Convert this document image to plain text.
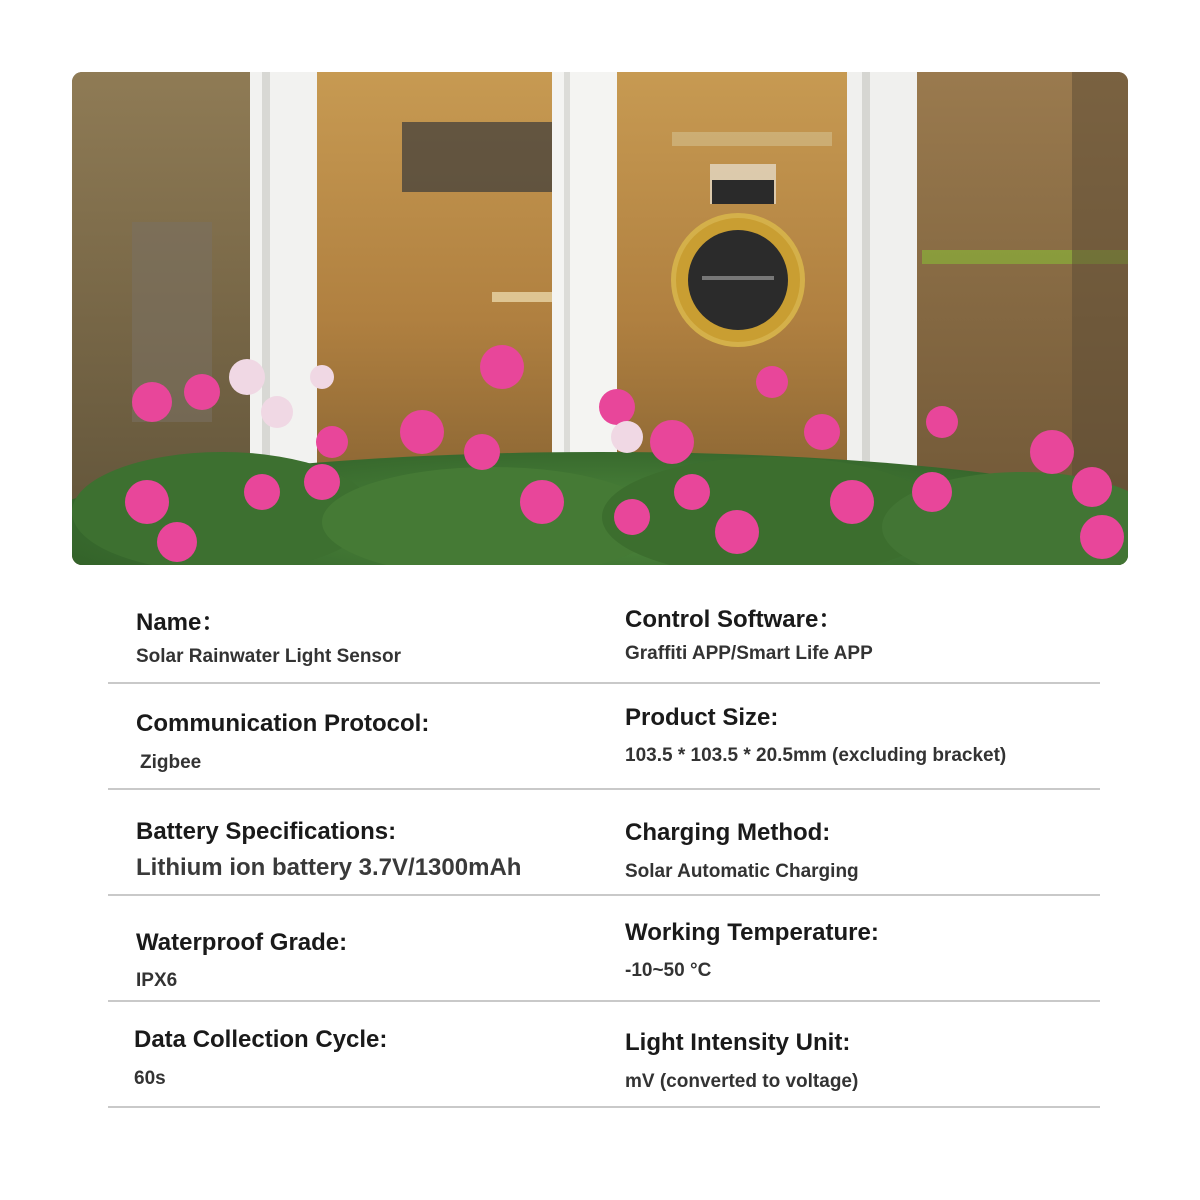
Name：
Solar Rainwater Light Sensor
Control Software：
Graffiti APP/Smart Life APP
Communication Protocol:
Zigbee
Product Size:
103.5 * 103.5 * 20.5mm (excluding bracket)
Battery Specifications:
Lithium ion battery 3.7V/1300mAh
Charging Method:
Solar Automatic Charging
Waterproof Grade:
IPX6
Working Temperature:
-10~50 °C
Data Collection Cycle:
60s
Light Intensity Unit:
mV (converted to voltage)
